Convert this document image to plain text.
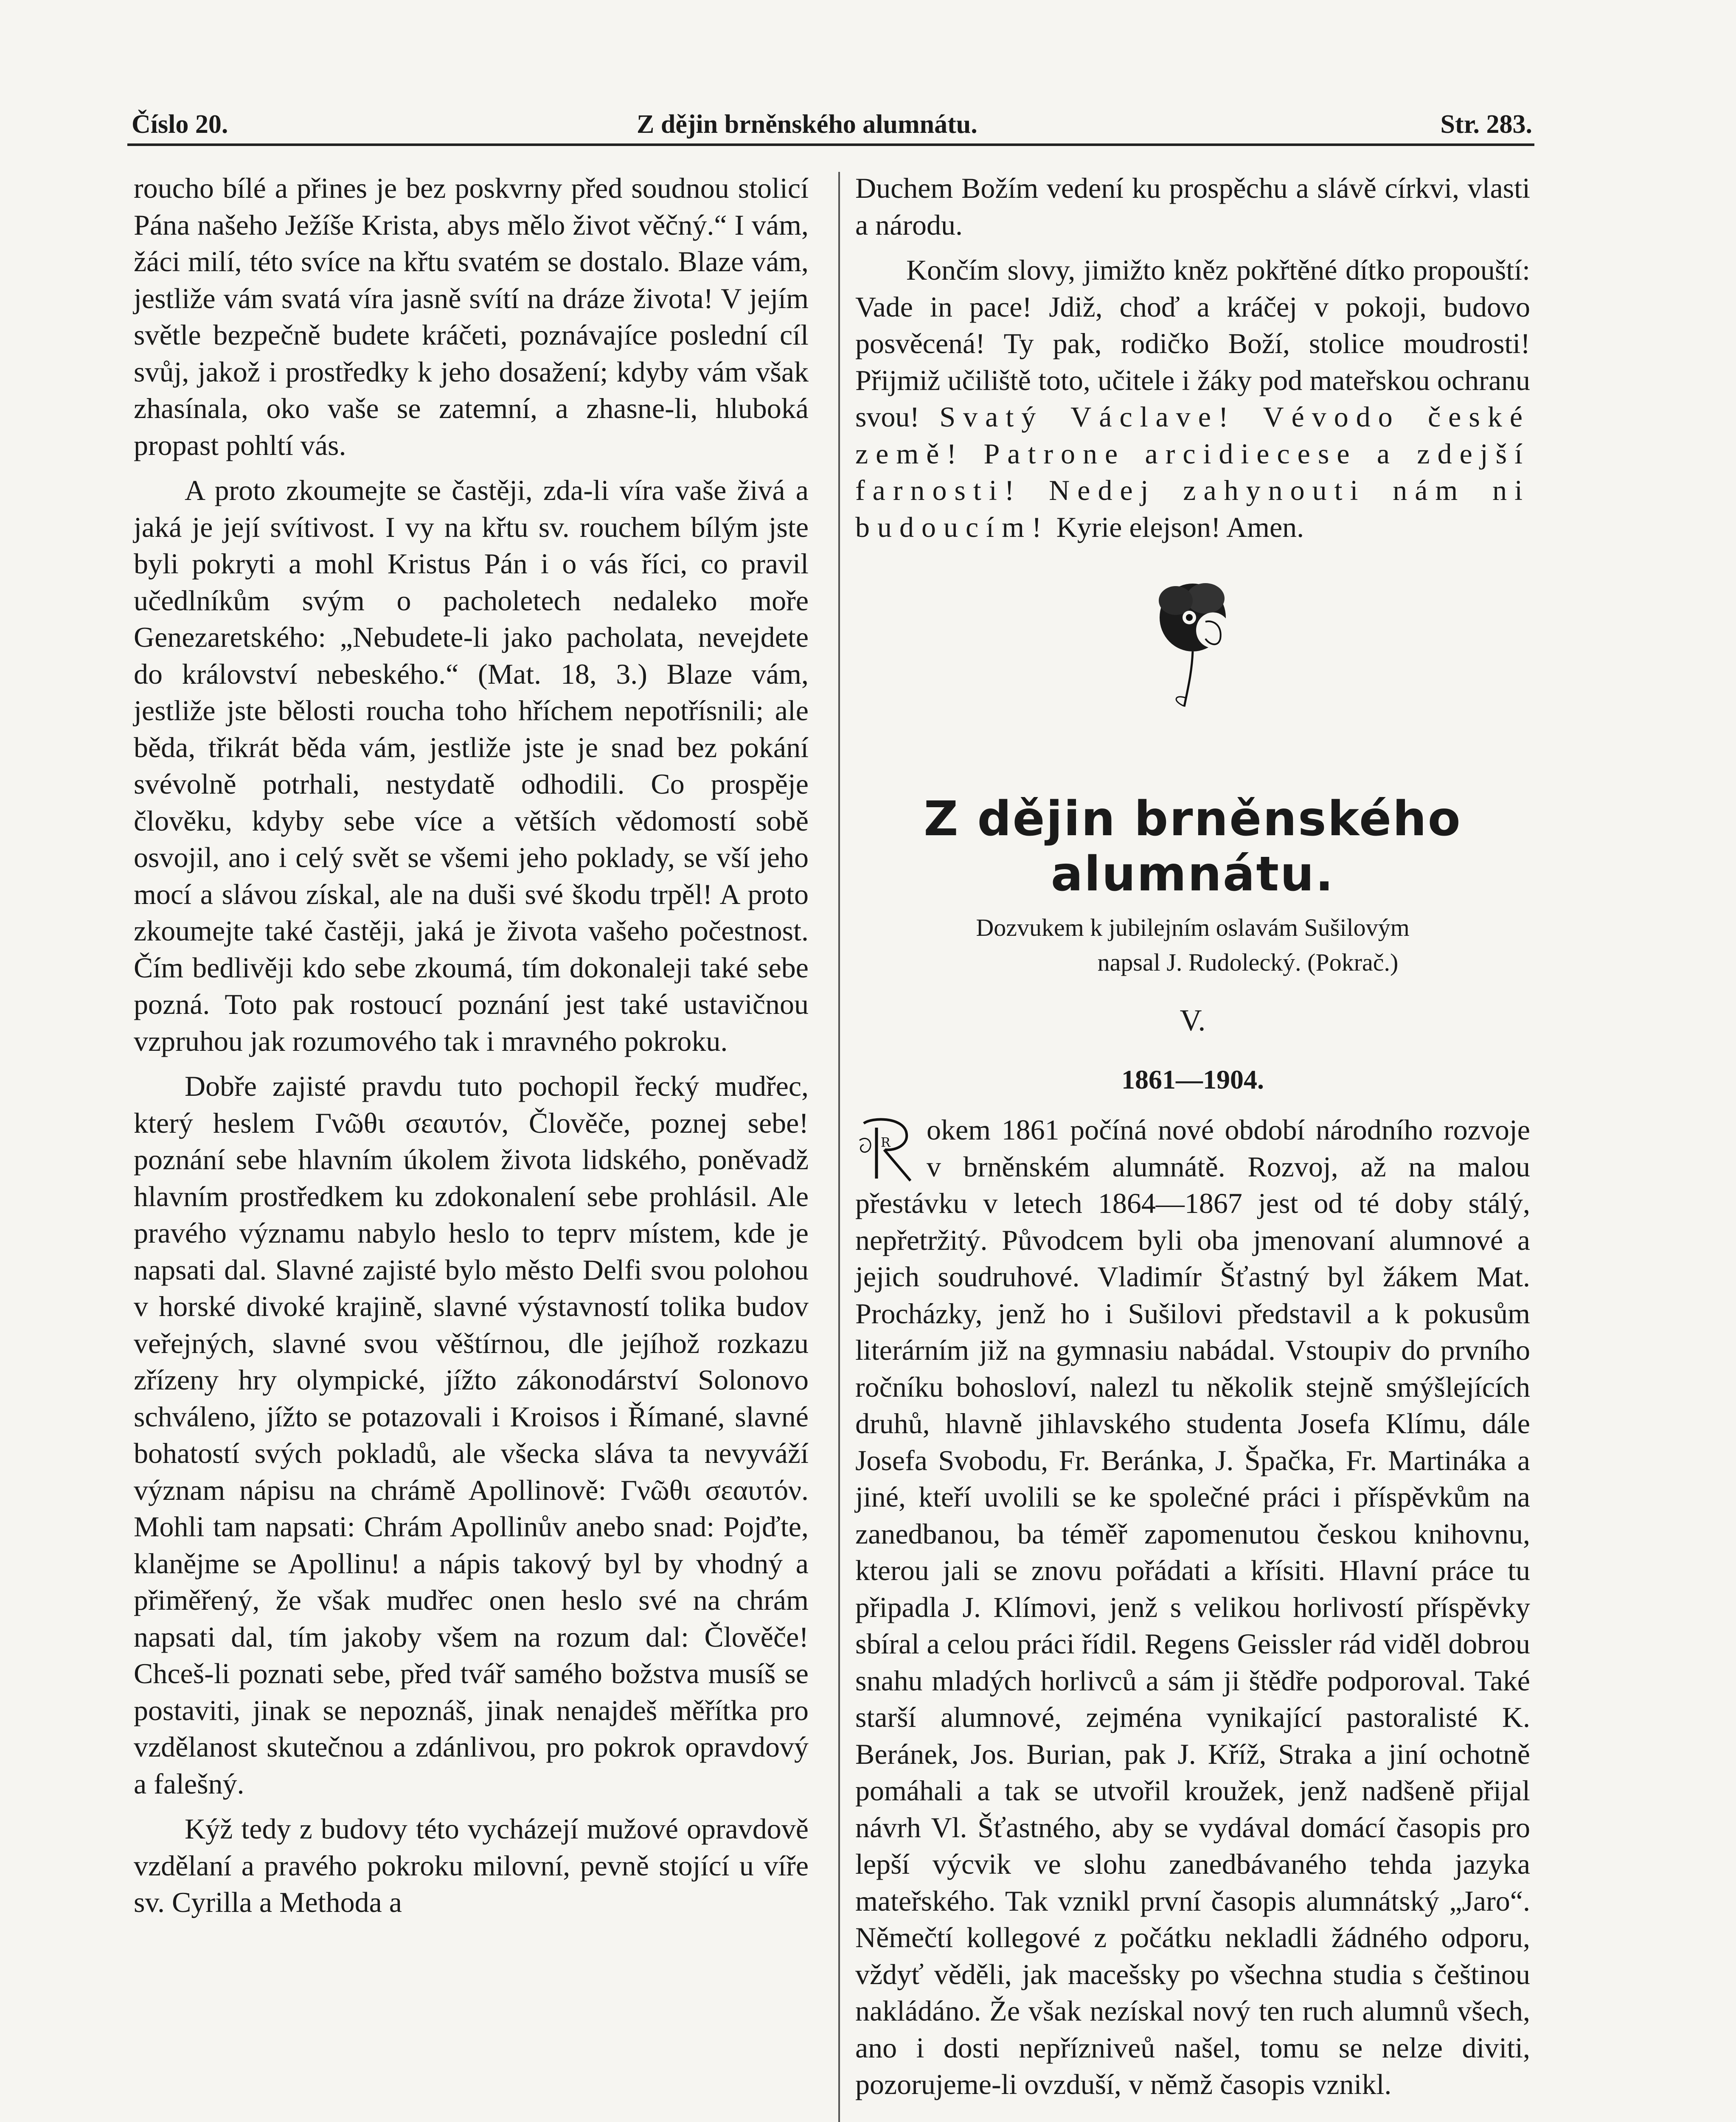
Číslo 20.	Z dějin brněnského alumnátu.	Str. 283.

roucho bílé a přines je bez poskvrny před soudnou stolicí Pána našeho Ježíše Krista, abys mělo život věčný.“ I vám, žáci milí, této svíce na křtu svatém se dostalo. Blaze vám, jestliže vám svatá víra jasně svítí na dráze života! V jejím světle bezpečně budete kráčeti, poznávajíce poslední cíl svůj, jakož i prostředky k jeho dosažení; kdyby vám však zhasínala, oko vaše se zatemní, a zhasne-li, hluboká propast pohltí vás.

A proto zkoumejte se častěji, zda-li víra vaše živá a jaká je její svítivost. I vy na křtu sv. rouchem bílým jste byli pokryti a mohl Kristus Pán i o vás říci, co pravil učedlníkům svým o pacholetech nedaleko moře Genezaretského: „Nebudete-li jako pacholata, nevejdete do království nebeského.“ (Mat. 18, 3.) Blaze vám, jestliže jste bělosti roucha toho hříchem nepotřísnili; ale běda, třikrát běda vám, jestliže jste je snad bez pokání svévolně potrhali, nestydatě odhodili. Co prospěje člověku, kdyby sebe více a větších vědomostí sobě osvojil, ano i celý svět se všemi jeho poklady, se vší jeho mocí a slávou získal, ale na duši své škodu trpěl! A proto zkoumejte také častěji, jaká je života vašeho počestnost. Čím bedlivěji kdo sebe zkoumá, tím dokonaleji také sebe pozná. Toto pak rostoucí poznání jest také ustavičnou vzpruhou jak rozumového tak i mravného pokroku.

Dobře zajisté pravdu tuto pochopil řecký mudřec, který heslem Γνῶθι σεαυτόν, Člověče, poznej sebe! poznání sebe hlavním úkolem života lidského, poněvadž hlavním prostředkem ku zdokonalení sebe prohlásil. Ale pravého významu nabylo heslo to teprv místem, kde je napsati dal. Slavné zajisté bylo město Delfi svou polohou v horské divoké krajině, slavné výstavností tolika budov veřejných, slavné svou věštírnou, dle jejíhož rozkazu zřízeny hry olympické, jížto zákonodárství Solonovo schváleno, jížto se potazovali i Kroisos i Římané, slavné bohatostí svých pokladů, ale všecka sláva ta nevyváží význam nápisu na chrámě Apollinově: Γνῶθι σεαυτόν. Mohli tam napsati: Chrám Apollinův anebo snad: Pojďte, klanějme se Apollinu! a nápis takový byl by vhodný a přiměřený, že však mudřec onen heslo své na chrám napsati dal, tím jakoby všem na rozum dal: Člověče! Chceš-li poznati sebe, před tvář samého božstva musíš se postaviti, jinak se nepoznáš, jinak nenajdeš měřítka pro vzdělanost skutečnou a zdánlivou, pro pokrok opravdový a falešný.

Kýž tedy z budovy této vycházejí mužové opravdově vzdělaní a pravého pokroku milovní, pevně stojící u víře sv. Cyrilla a Methoda a

Duchem Božím vedení ku prospěchu a slávě církvi, vlasti a národu.

Končím slovy, jimižto kněz pokřtěné dítko propouští: Vade in pace! Jdiž, choď a kráčej v pokoji, budovo posvěcená! Ty pak, rodičko Boží, stolice moudrosti! Přijmiž učiliště toto, učitele i žáky pod mateřskou ochranu svou! Svatý Václave! Vévodo české země! Patrone arcidiecese a zdejší farnosti! Nedej zahynouti nám ni budoucím! Kyrie elejson! Amen.

Z dějin brněnského alumnátu.
Dozvukem k jubilejním oslavám Sušilovým
napsal J. Rudolecký. (Pokrač.)
V.
1861—1904.
R okem 1861 počíná nové období národního rozvoje v brněnském alumnátě. Rozvoj, až na malou přestávku v letech 1864—1867 jest od té doby stálý, nepřetržitý. Původcem byli oba jmenovaní alumnové a jejich soudruhové. Vladimír Šťastný byl žákem Mat. Procházky, jenž ho i Sušilovi představil a k pokusům literárním již na gymnasiu nabádal. Vstoupiv do prvního ročníku bohosloví, nalezl tu několik stejně smýšlejících druhů, hlavně jihlavského studenta Josefa Klímu, dále Josefa Svobodu, Fr. Beránka, J. Špačka, Fr. Martináka a jiné, kteří uvolili se ke společné práci i příspěvkům na zanedbanou, ba téměř zapomenutou českou knihovnu, kterou jali se znovu pořádati a křísiti. Hlavní práce tu připadla J. Klímovi, jenž s velikou horlivostí příspěvky sbíral a celou práci řídil. Regens Geissler rád viděl dobrou snahu mladých horlivců a sám ji štědře podporoval. Také starší alumnové, zejména vynikající pastoralisté K. Beránek, Jos. Burian, pak J. Kříž, Straka a jiní ochotně pomáhali a tak se utvořil kroužek, jenž nadšeně přijal návrh Vl. Šťastného, aby se vydával domácí časopis pro lepší výcvik ve slohu zanedbávaného tehda jazyka mateřského. Tak vznikl první časopis alumnátský „Jaro“. Němečtí kollegové z počátku nekladli žádného odporu, vždyť věděli, jak macešsky po všechna studia s češtinou nakládáno. Že však nezískal nový ten ruch alumnů všech, ano i dosti nepřízniveů našel, tomu se nelze diviti, pozorujeme-li ovzduší, v němž časopis vznikl.
